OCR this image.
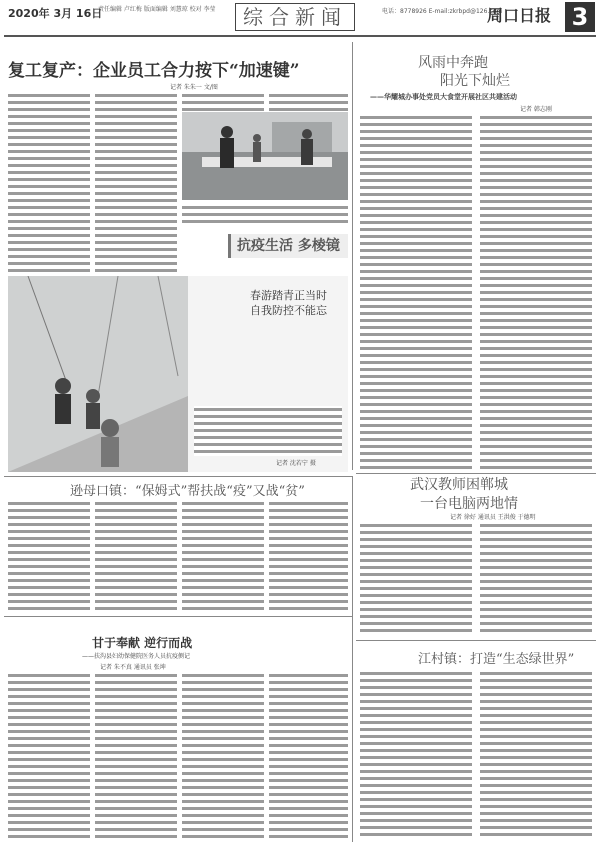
2020年 3月 16日
责任编辑 卢红梅 版面编辑 刘慧琼 校对 李莹	综合新闻	电话：8778926 E-mail:zkrbpd@126.com
周口日报 3
复工复产：企业员工合力按下“加速键”
记者 朱朱一 文/图
抗疫生活 多棱镜
春游踏青正当时
自我防控不能忘
记者 沈若宁 摄
风雨中奔跑
阳光下灿烂
——华耀城办事处党员大食堂开展社区共建活动
记者 韩志刚
武汉教师困郸城
一台电脑两地情
记者 徐好 通讯员 王洪俊 于德明
江村镇：打造“生态绿世界”
逊母口镇：“保姆式”帮扶战“疫”又战“贫”
甘于奉献 逆行而战
——扶沟县妇幼保健院医务人员抗疫侧记
记者 朱不真 通讯员 张坤
